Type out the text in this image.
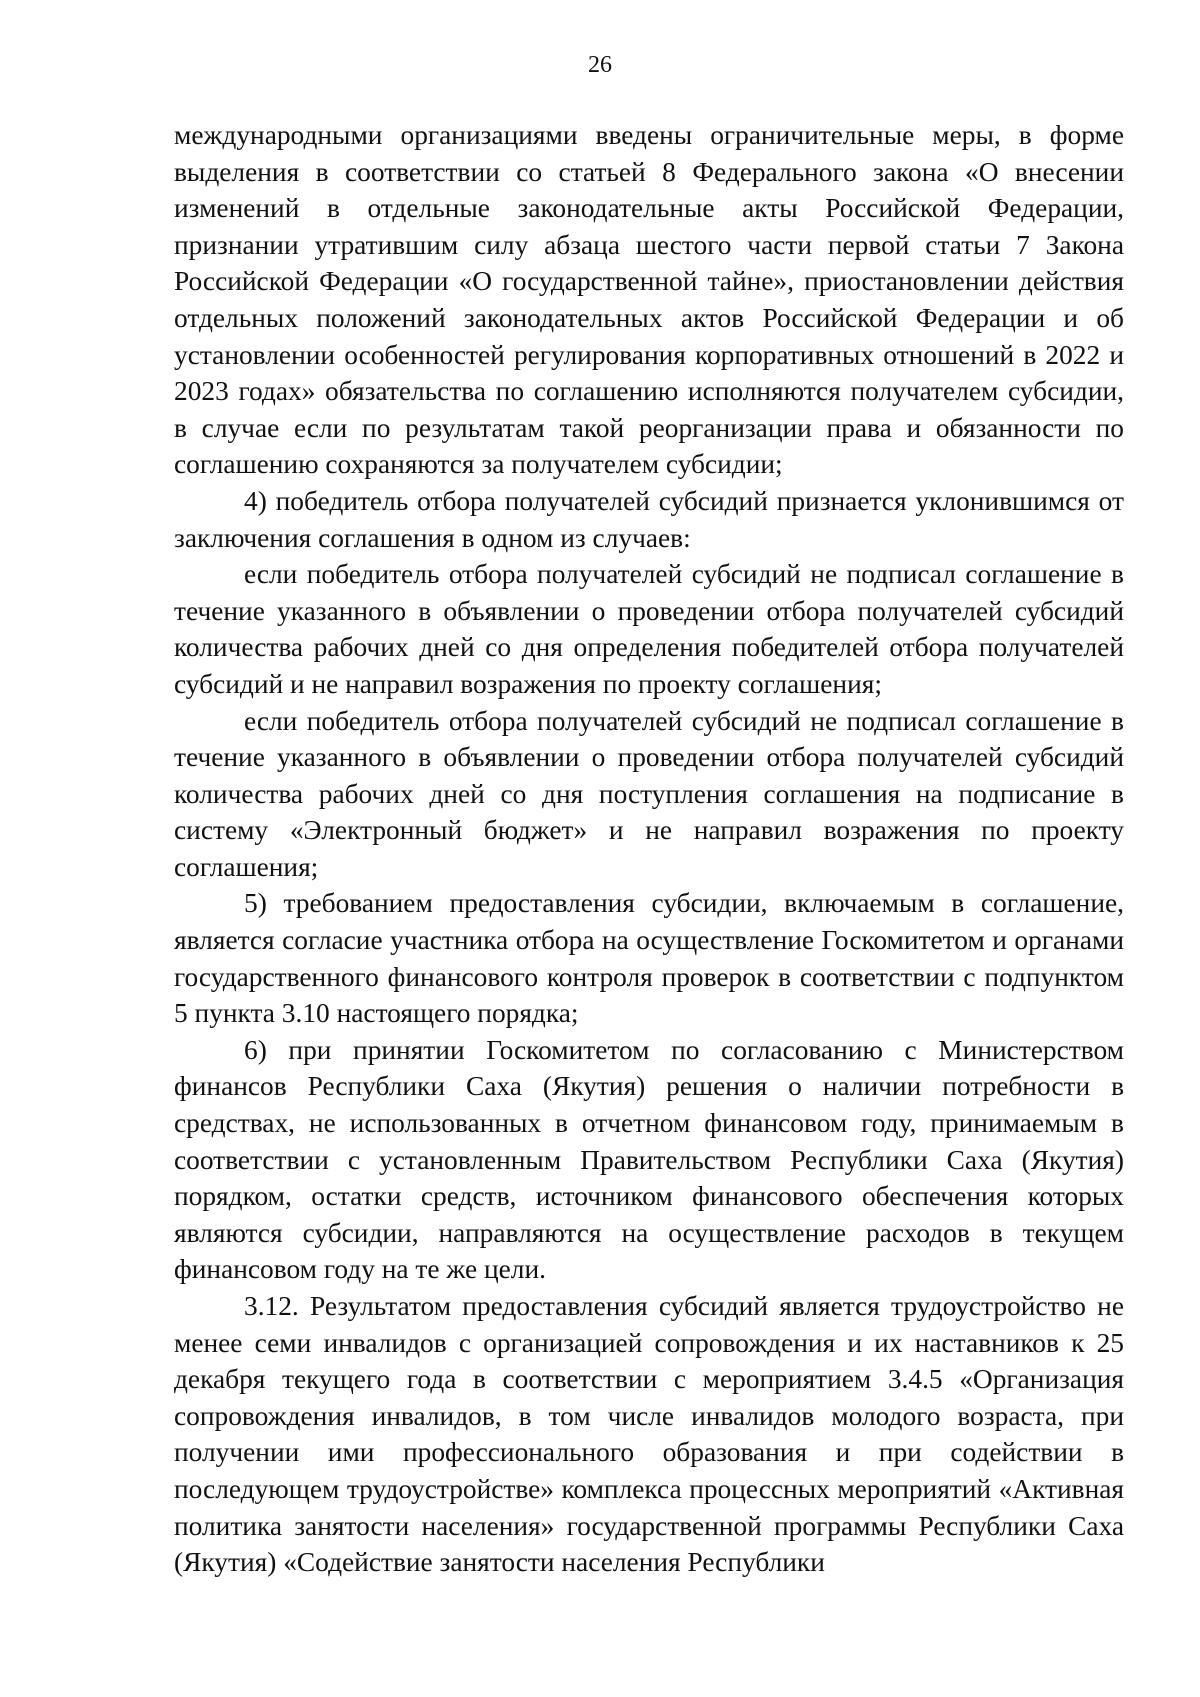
26

международными организациями введены ограничительные меры, в форме выделения в соответствии со статьей 8 Федерального закона «О внесении изменений в отдельные законодательные акты Российской Федерации, признании утратившим силу абзаца шестого части первой статьи 7 Закона Российской Федерации «О государственной тайне», приостановлении действия отдельных положений законодательных актов Российской Федерации и об установлении особенностей регулирования корпоративных отношений в 2022 и 2023 годах» обязательства по соглашению исполняются получателем субсидии, в случае если по результатам такой реорганизации права и обязанности по соглашению сохраняются за получателем субсидии;

4) победитель отбора получателей субсидий признается уклонившимся от заключения соглашения в одном из случаев:

если победитель отбора получателей субсидий не подписал соглашение в течение указанного в объявлении о проведении отбора получателей субсидий количества рабочих дней со дня определения победителей отбора получателей субсидий и не направил возражения по проекту соглашения;

если победитель отбора получателей субсидий не подписал соглашение в течение указанного в объявлении о проведении отбора получателей субсидий количества рабочих дней со дня поступления соглашения на подписание в систему «Электронный бюджет» и не направил возражения по проекту соглашения;

5) требованием предоставления субсидии, включаемым в соглашение, является согласие участника отбора на осуществление Госкомитетом и органами государственного финансового контроля проверок в соответствии с подпунктом 5 пункта 3.10 настоящего порядка;

6) при принятии Госкомитетом по согласованию с Министерством финансов Республики Саха (Якутия) решения о наличии потребности в средствах, не использованных в отчетном финансовом году, принимаемым в соответствии с установленным Правительством Республики Саха (Якутия) порядком, остатки средств, источником финансового обеспечения которых являются субсидии, направляются на осуществление расходов в текущем финансовом году на те же цели.

3.12. Результатом предоставления субсидий является трудоустройство не менее семи инвалидов с организацией сопровождения и их наставников к 25 декабря текущего года в соответствии с мероприятием 3.4.5 «Организация сопровождения инвалидов, в том числе инвалидов молодого возраста, при получении ими профессионального образования и при содействии в последующем трудоустройстве» комплекса процессных мероприятий «Активная политика занятости населения» государственной программы Республики Саха (Якутия) «Содействие занятости населения Республики
